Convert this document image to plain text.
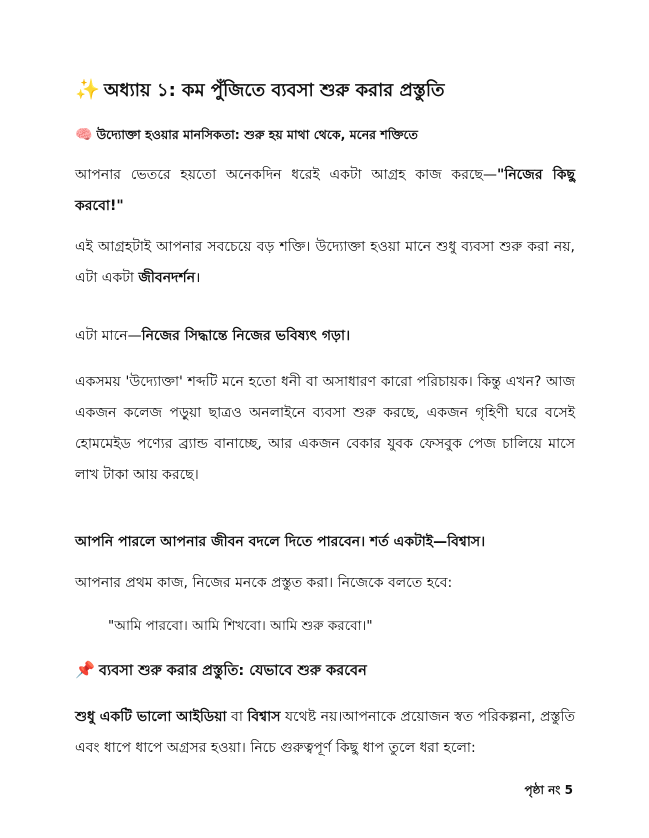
✨ অধ্যায় ১: কম পুঁজিতে ব্যবসা শুরু করার প্রস্তুতি
🧠 উদ্যোক্তা হওয়ার মানসিকতা: শুরু হয় মাথা থেকে, মনের শক্তিতে
আপনার ভেতরে হয়তো অনেকদিন ধরেই একটা আগ্রহ কাজ করছে—"নিজের কিছু করবো!"
এই আগ্রহটাই আপনার সবচেয়ে বড় শক্তি। উদ্যোক্তা হওয়া মানে শুধু ব্যবসা শুরু করা নয়, এটা একটা জীবনদর্শন।
এটা মানে—নিজের সিদ্ধান্তে নিজের ভবিষ্যৎ গড়া।
একসময় 'উদ্যোক্তা' শব্দটি মনে হতো ধনী বা অসাধারণ কারো পরিচায়ক। কিন্তু এখন? আজ একজন কলেজ পড়ুয়া ছাত্রও অনলাইনে ব্যবসা শুরু করছে, একজন গৃহিণী ঘরে বসেই হোমমেইড পণ্যের ব্র্যান্ড বানাচ্ছে, আর একজন বেকার যুবক ফেসবুক পেজ চালিয়ে মাসে লাখ টাকা আয় করছে।
আপনি পারলে আপনার জীবন বদলে দিতে পারবেন। শর্ত একটাই—বিশ্বাস।
আপনার প্রথম কাজ, নিজের মনকে প্রস্তুত করা। নিজেকে বলতে হবে:
"আমি পারবো। আমি শিখবো। আমি শুরু করবো।"
📌 ব্যবসা শুরু করার প্রস্তুতি: যেভাবে শুরু করবেন
শুধু একটি ভালো আইডিয়া বা বিশ্বাস যথেষ্ট নয়।আপনাকে প্রয়োজন স্বত পরিকল্পনা, প্রস্তুতি এবং ধাপে ধাপে অগ্রসর হওয়া। নিচে গুরুত্বপূর্ণ কিছু ধাপ তুলে ধরা হলো:
পৃষ্ঠা নং 5
